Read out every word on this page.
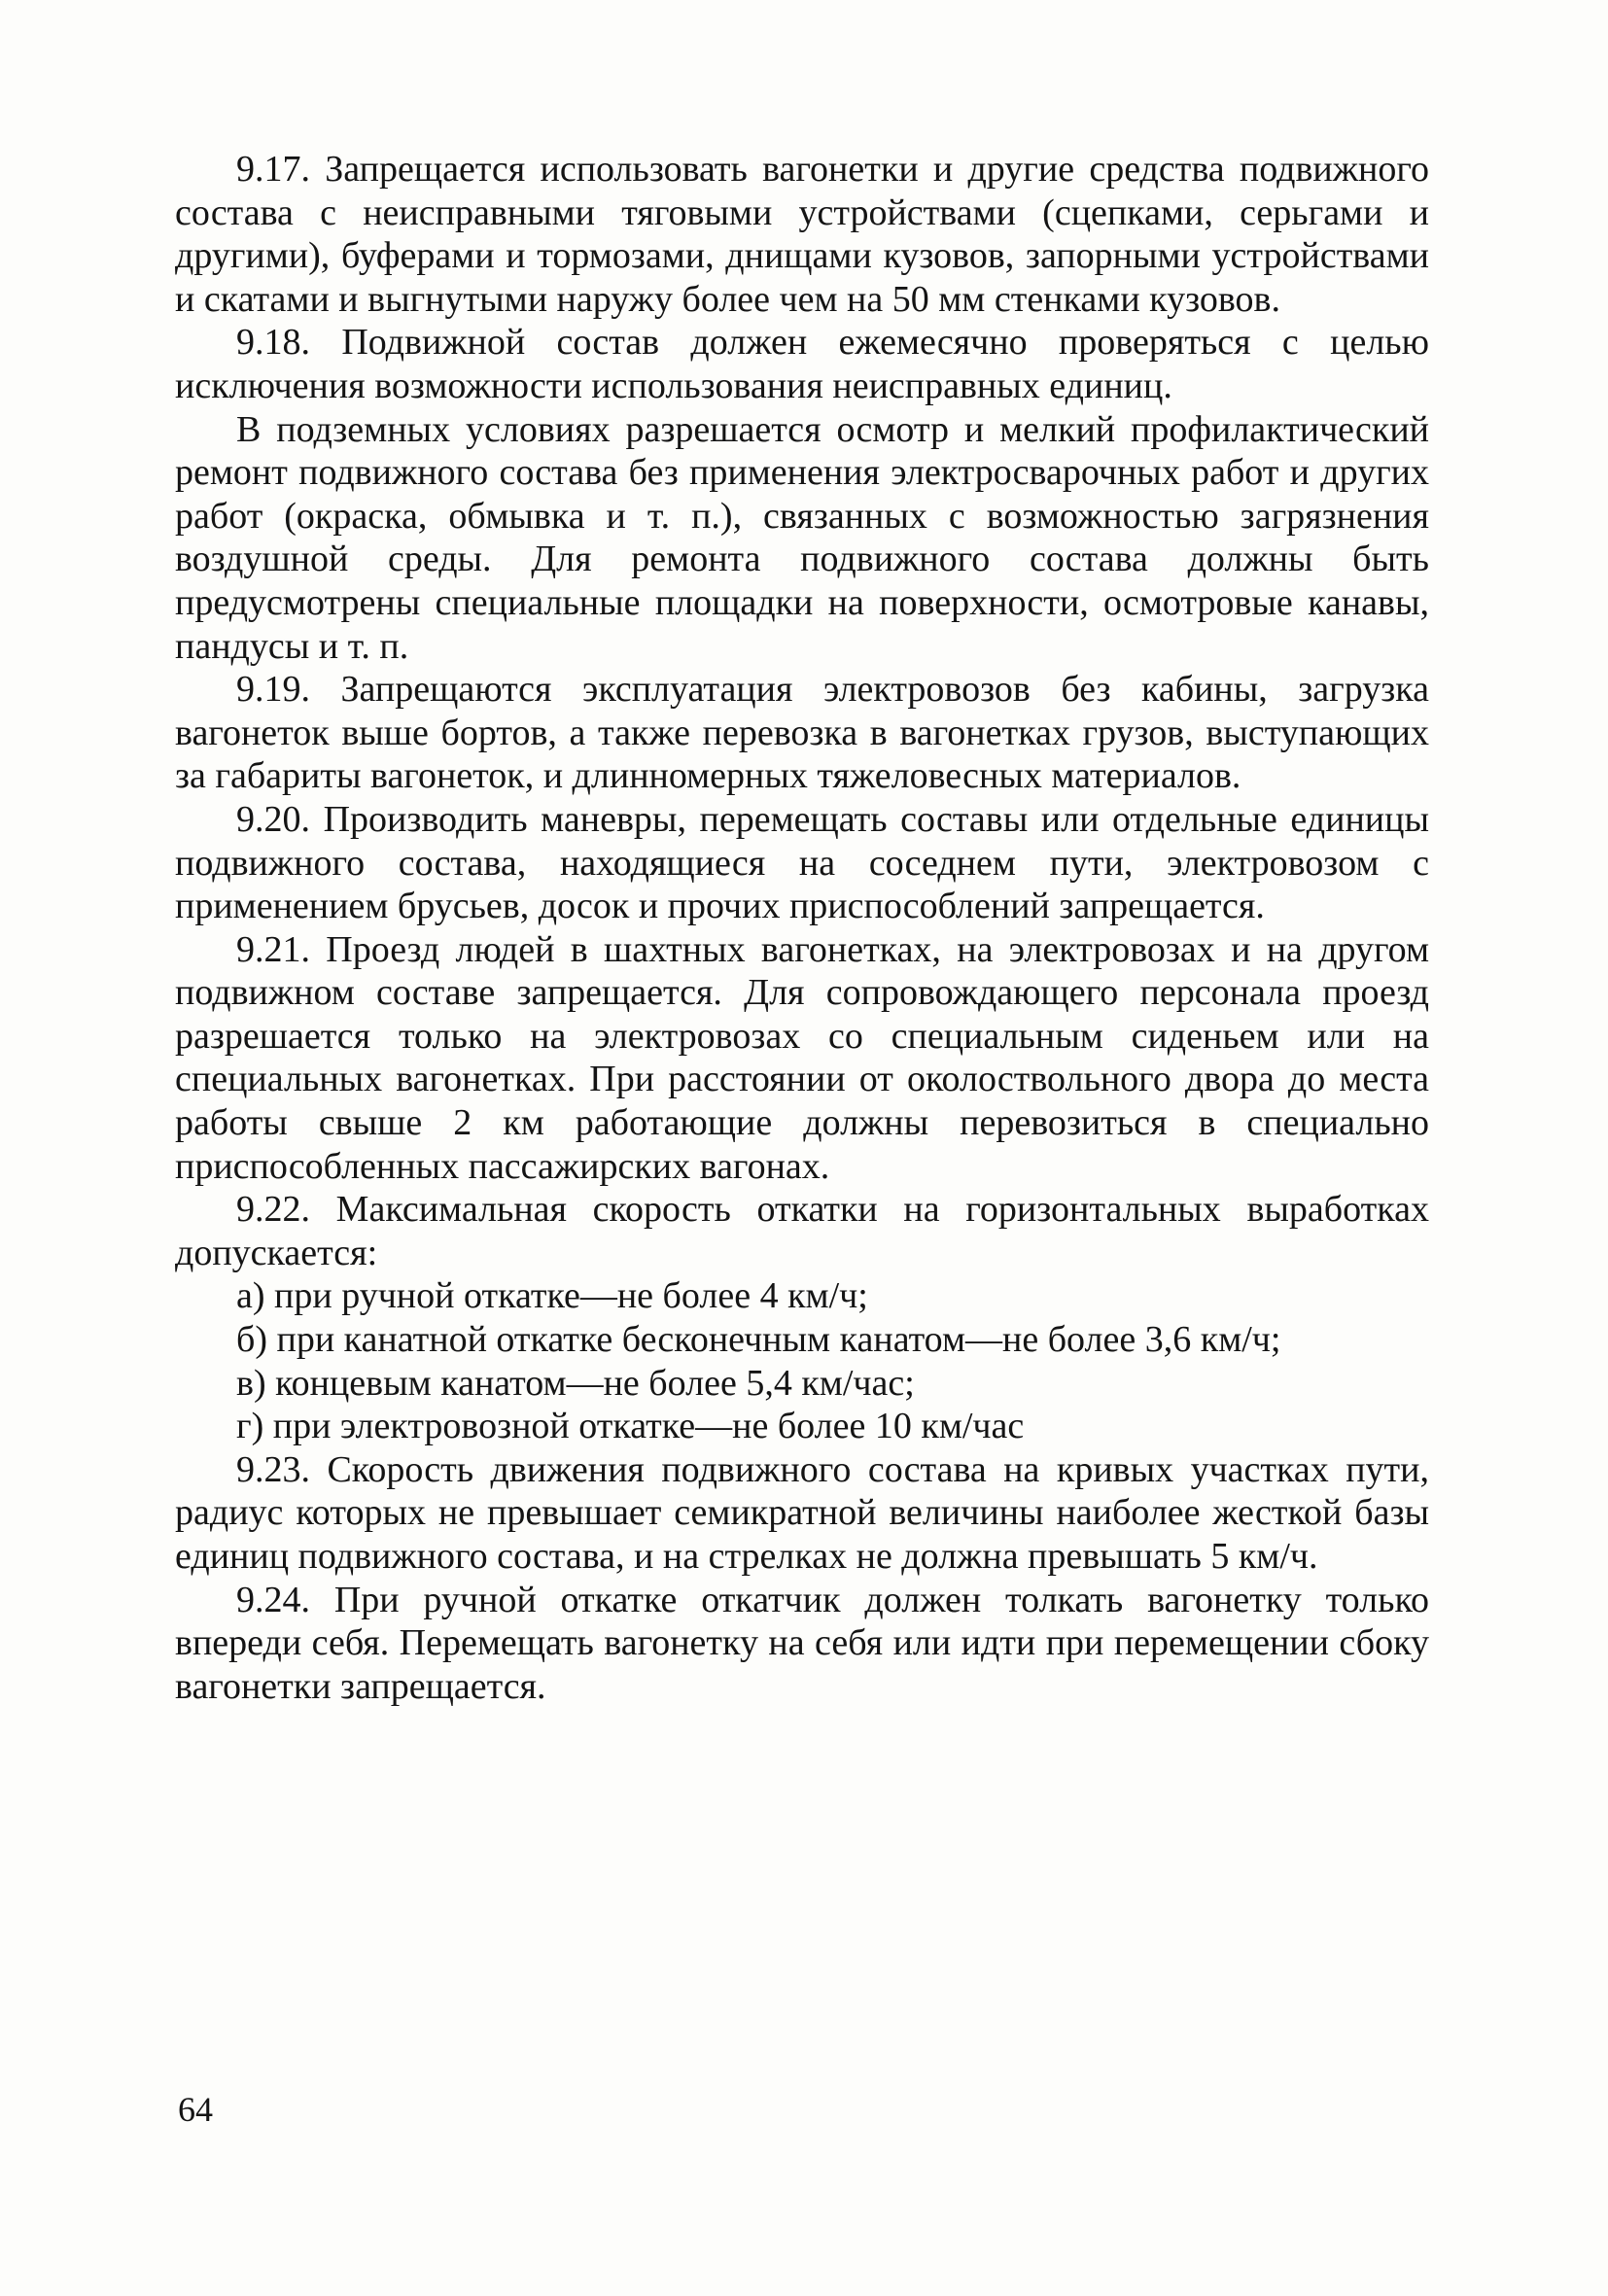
9.17. Запрещается использовать вагонетки и другие средства подвижного состава с неисправными тяговыми устройствами (сцепками, серьгами и другими), буферами и тормозами, днищами кузовов, запорными устройствами и скатами и выгнутыми наружу более чем на 50 мм стенками кузовов.

9.18. Подвижной состав должен ежемесячно проверяться с целью исключения возможности использования неисправных единиц.

В подземных условиях разрешается осмотр и мелкий профилактический ремонт подвижного состава без применения электросварочных работ и других работ (окраска, обмывка и т. п.), связанных с возможностью загрязнения воздушной среды. Для ремонта подвижного состава должны быть предусмотрены специальные площадки на поверхности, осмотровые канавы, пандусы и т. п.

9.19. Запрещаются эксплуатация электровозов без кабины, загрузка вагонеток выше бортов, а также перевозка в вагонетках грузов, выступающих за габариты вагонеток, и длинномерных тяжеловесных материалов.

9.20. Производить маневры, перемещать составы или отдельные единицы подвижного состава, находящиеся на соседнем пути, электровозом с применением брусьев, досок и прочих приспособлений запрещается.

9.21. Проезд людей в шахтных вагонетках, на электровозах и на другом подвижном составе запрещается. Для сопровождающего персонала проезд разрешается только на электровозах со специальным сиденьем или на специальных вагонетках. При расстоянии от околоствольного двора до места работы свыше 2 км работающие должны перевозиться в специально приспособленных пассажирских вагонах.

9.22. Максимальная скорость откатки на горизонтальных выработках допускается:

а) при ручной откатке—не более 4 км/ч;

б) при канатной откатке бесконечным канатом—не более 3,6 км/ч;

в) концевым канатом—не более 5,4 км/час;

г) при электровозной откатке—не более 10 км/час

9.23. Скорость движения подвижного состава на кривых участках пути, радиус которых не превышает семикратной величины наиболее жесткой базы единиц подвижного состава, и на стрелках не должна превышать 5 км/ч.

9.24. При ручной откатке откатчик должен толкать вагонетку только впереди себя. Перемещать вагонетку на себя или идти при перемещении сбоку вагонетки запрещается.

64
